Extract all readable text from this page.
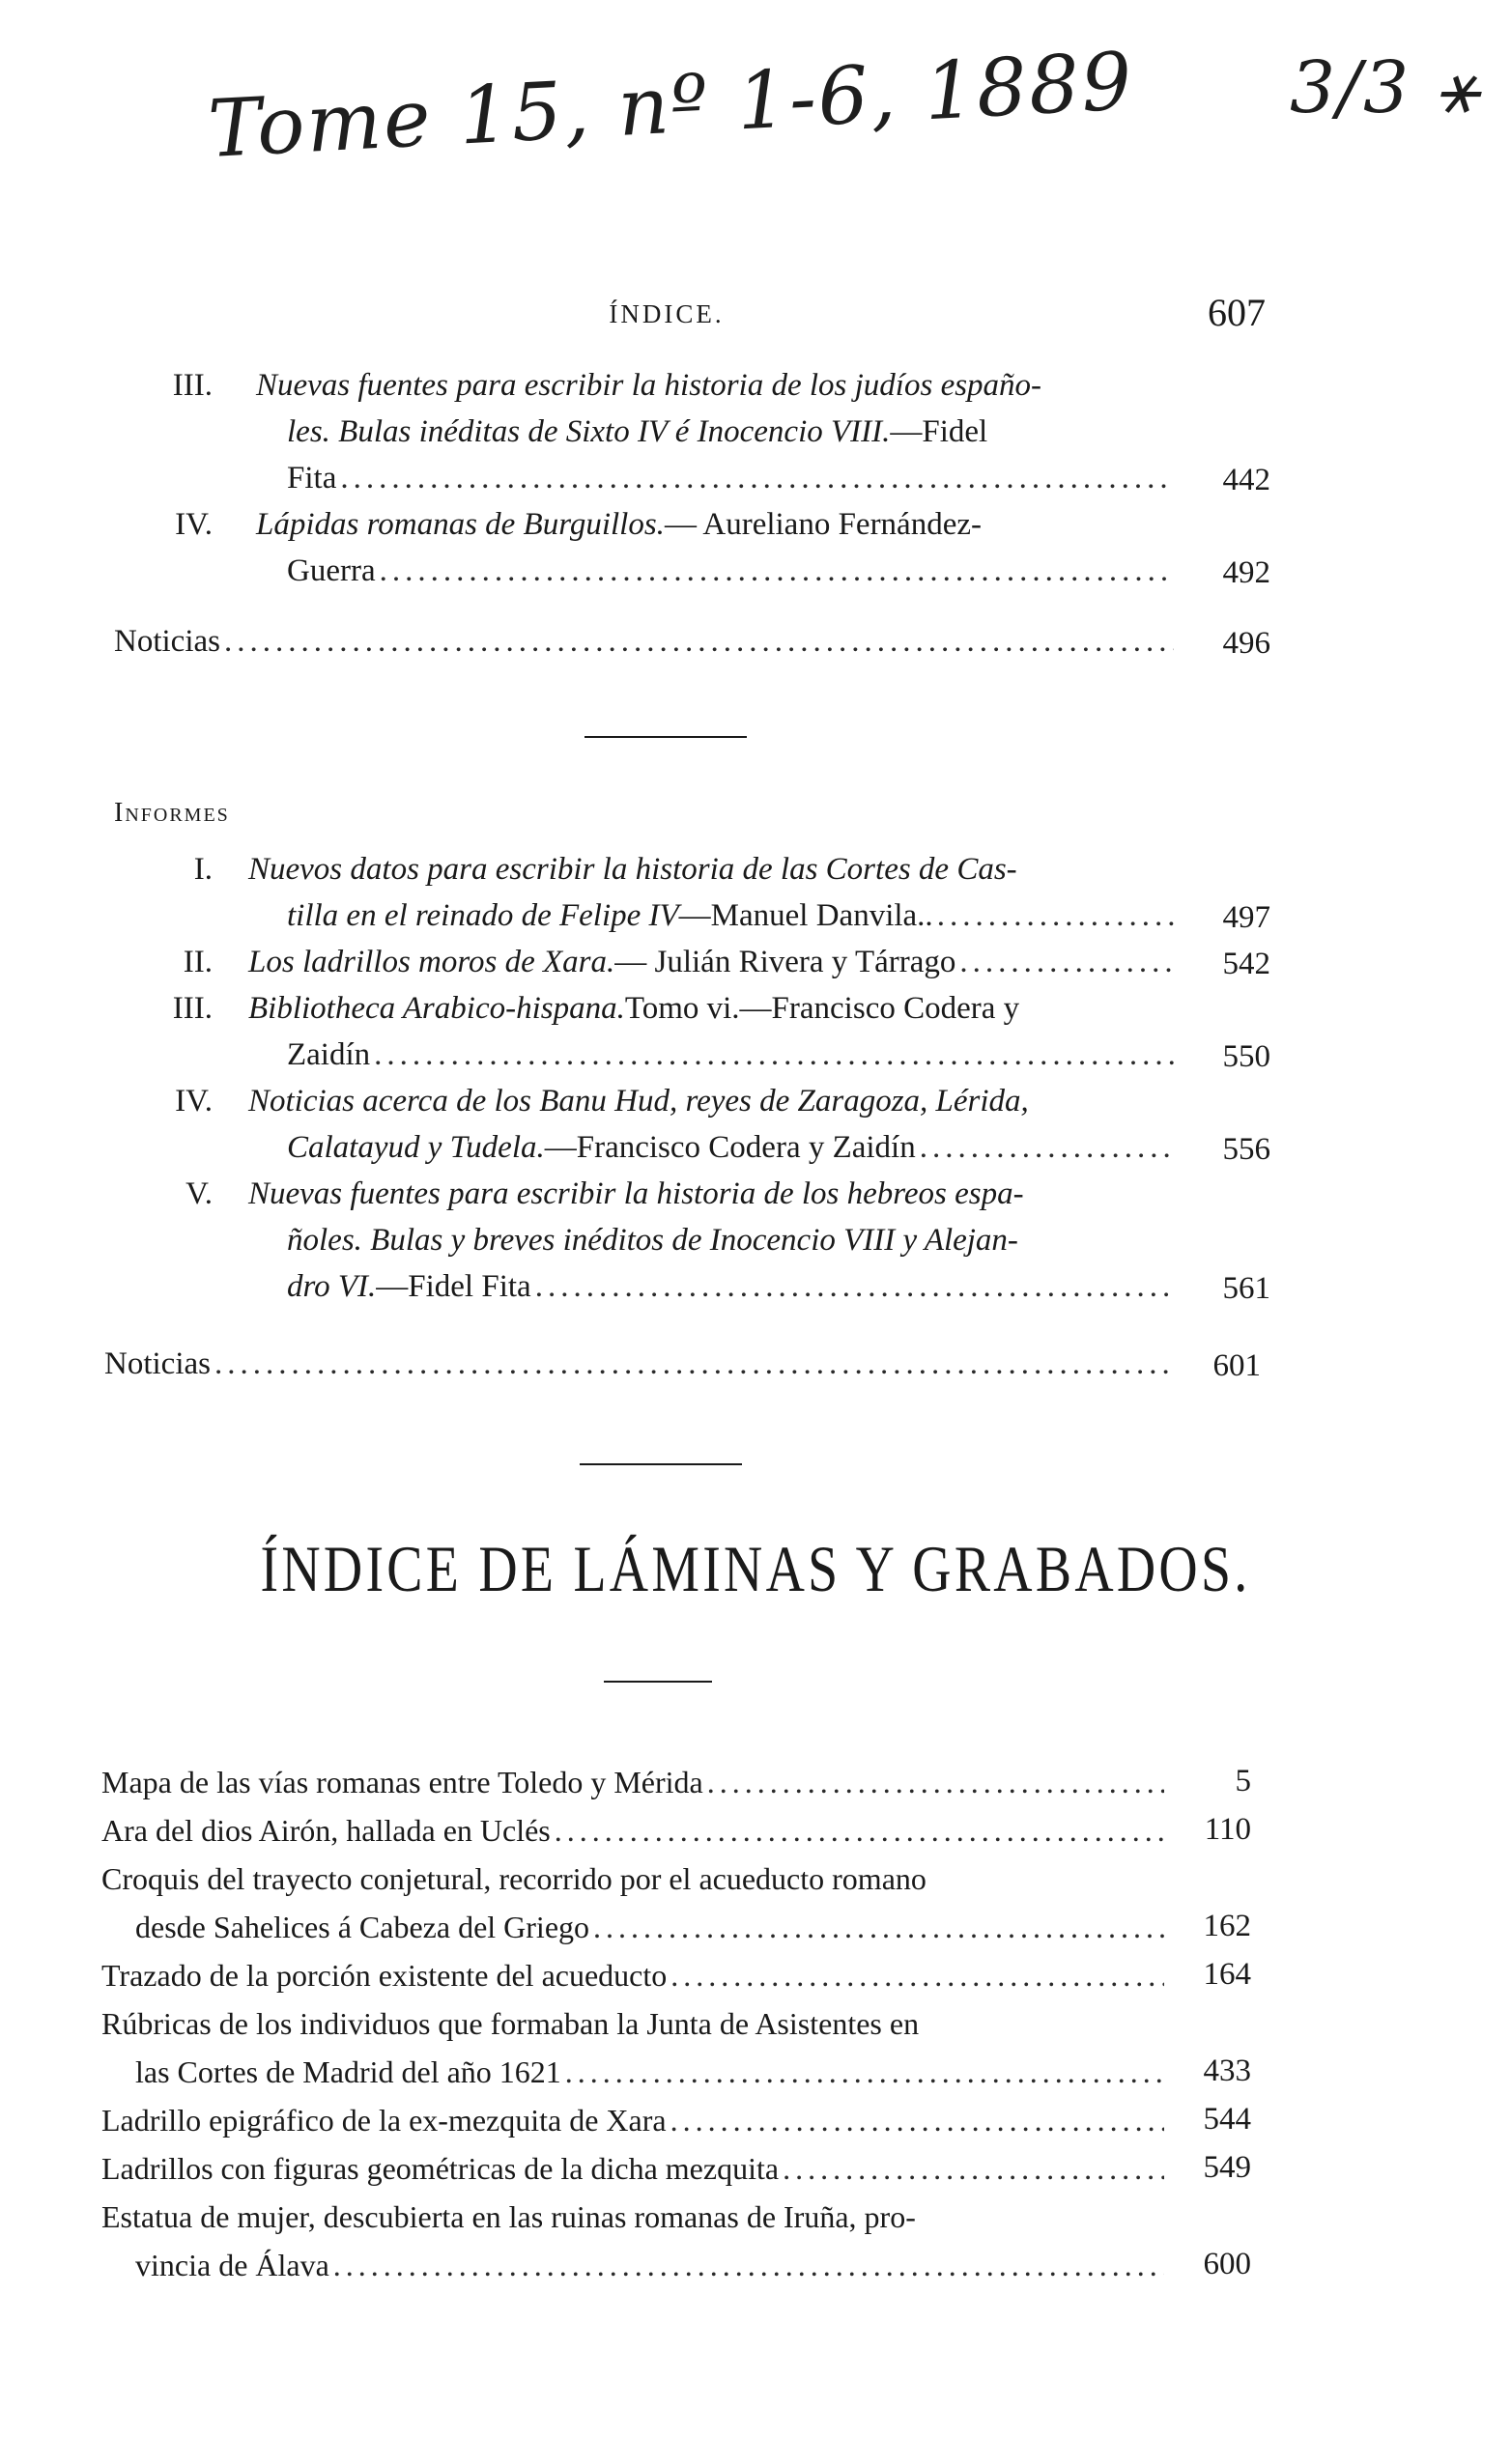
Tome 15, nº 1-6, 1889 3/3 ⚹
ÍNDICE.	607
III. Nuevas fuentes para escribir la historia de los judíos españo-
les. Bulas inéditas de Sixto IV é Inocencio VIII. —Fidel
Fita .....	442
IV. Lápidas romanas de Burguillos. — Aureliano Fernández-
Guerra .....	492
Noticias .....	496
Informes
I. Nuevos datos para escribir la historia de las Cortes de Cas-
tilla en el reinado de Felipe IV —Manuel Danvila.. .....	497
II. Los ladrillos moros de Xara. — Julián Rivera y Tárrago .....	542
III. Bibliotheca Arabico-hispana. Tomo vi.—Francisco Codera y
Zaidín .....	550
IV. Noticias acerca de los Banu Hud, reyes de Zaragoza, Lérida,
Calatayud y Tudela. —Francisco Codera y Zaidín .....	556
V. Nuevas fuentes para escribir la historia de los hebreos espa-
ñoles. Bulas y breves inéditos de Inocencio VIII y Alejan-
dro VI. —Fidel Fita .....	561
Noticias .....	601
ÍNDICE DE LÁMINAS Y GRABADOS.
Mapa de las vías romanas entre Toledo y Mérida .....	5
Ara del dios Airón, hallada en Uclés .....	110
Croquis del trayecto conjetural, recorrido por el acueducto romano
desde Sahelices á Cabeza del Griego .....	162
Trazado de la porción existente del acueducto .....	164
Rúbricas de los individuos que formaban la Junta de Asistentes en
las Cortes de Madrid del año 1621 .....	433
Ladrillo epigráfico de la ex-mezquita de Xara .....	544
Ladrillos con figuras geométricas de la dicha mezquita .....	549
Estatua de mujer, descubierta en las ruinas romanas de Iruña, pro-
vincia de Álava .....	600
